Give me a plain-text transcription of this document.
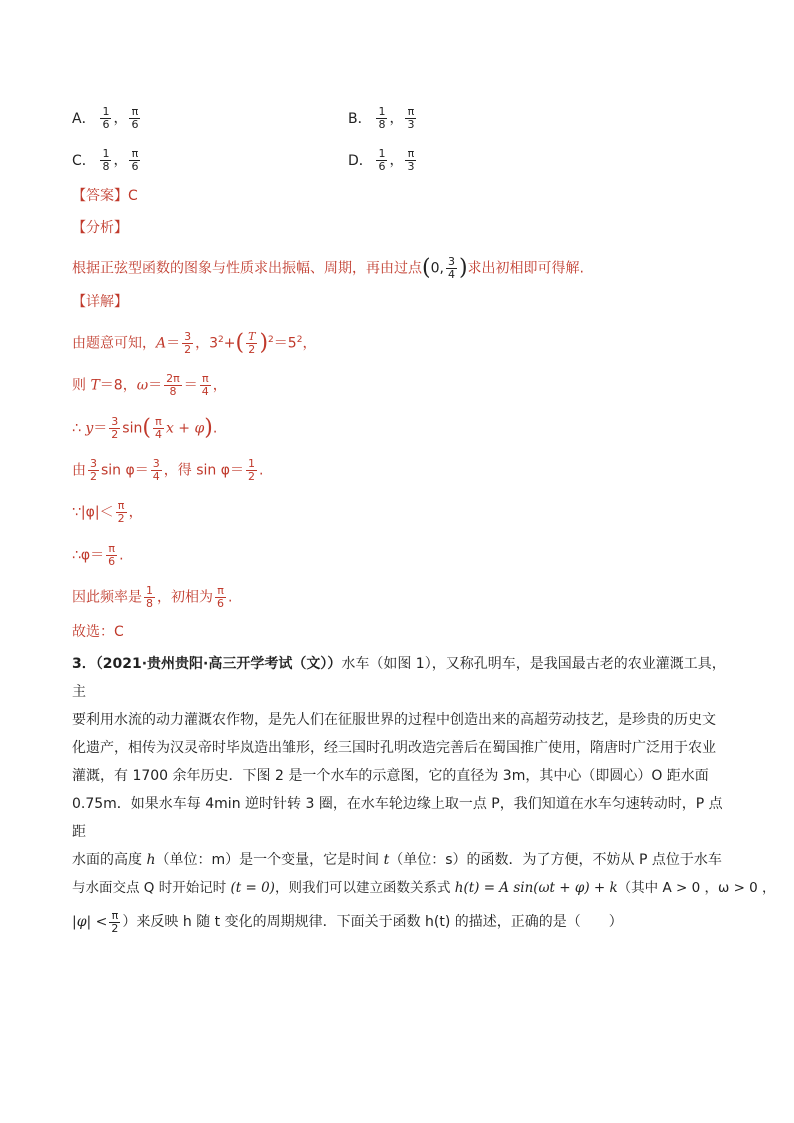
A． $\frac{1}{6}$ ， $\frac{\pi}{6}$	B． $\frac{1}{8}$ ， $\frac{\pi}{3}$
C． $\frac{1}{8}$ ， $\frac{\pi}{6}$	D． $\frac{1}{6}$ ， $\frac{\pi}{3}$
【答案】C
【分析】
根据正弦型函数的图象与性质求出振幅、周期，再由过点(0, $\frac{3}{4}$ )求出初相即可得解.
【详解】
由题意可知，$A= \frac{3}{2}$ ，$3^2+( \frac{T}{2} )^2=5^2$，
则 T＝8，$\omega= \frac{2\pi}{8} = \frac{\pi}{4}$ ，
∴ $y= \frac{3}{2} \sin( \frac{\pi}{4}$ x + φ).
由 $\frac{3}{2}$ $\sin \varphi= \frac{3}{4}$ ，得 $\sin \varphi= \frac{1}{2}$ .
∵|φ|＜ $\frac{\pi}{2}$ ，
∴φ＝ $\frac{\pi}{6}$ .
因此频率是 $\frac{1}{8}$ ，初相为 $\frac{\pi}{6}$ .
故选：C
3．（2021·贵州贵阳·高三开学考试（文））水车（如图 1），又称孔明车，是我国最古老的农业灌溉工具，主
要利用水流的动力灌溉农作物，是先人们在征服世界的过程中创造出来的高超劳动技艺，是珍贵的历史文
化遗产，相传为汉灵帝时毕岚造出雏形，经三国时孔明改造完善后在蜀国推广使用，隋唐时广泛用于农业
灌溉，有 1700 余年历史．下图 2 是一个水车的示意图，它的直径为 3m，其中心（即圆心）O 距水面
0.75m．如果水车每 4min 逆时针转 3 圈，在水车轮边缘上取一点 P，我们知道在水车匀速转动时，P 点距
水面的高度 h（单位：m）是一个变量，它是时间 t（单位：s）的函数．为了方便，不妨从 P 点位于水车
与水面交点 Q 时开始记时 (t = 0)，则我们可以建立函数关系式 h(t) = A sin(ωt + φ) + k（其中 A > 0 ，ω > 0 ，
$|\varphi| < \frac{\pi}{2}$ ）来反映 h 随 t 变化的周期规律．下面关于函数 h(t) 的描述，正确的是（　　）
